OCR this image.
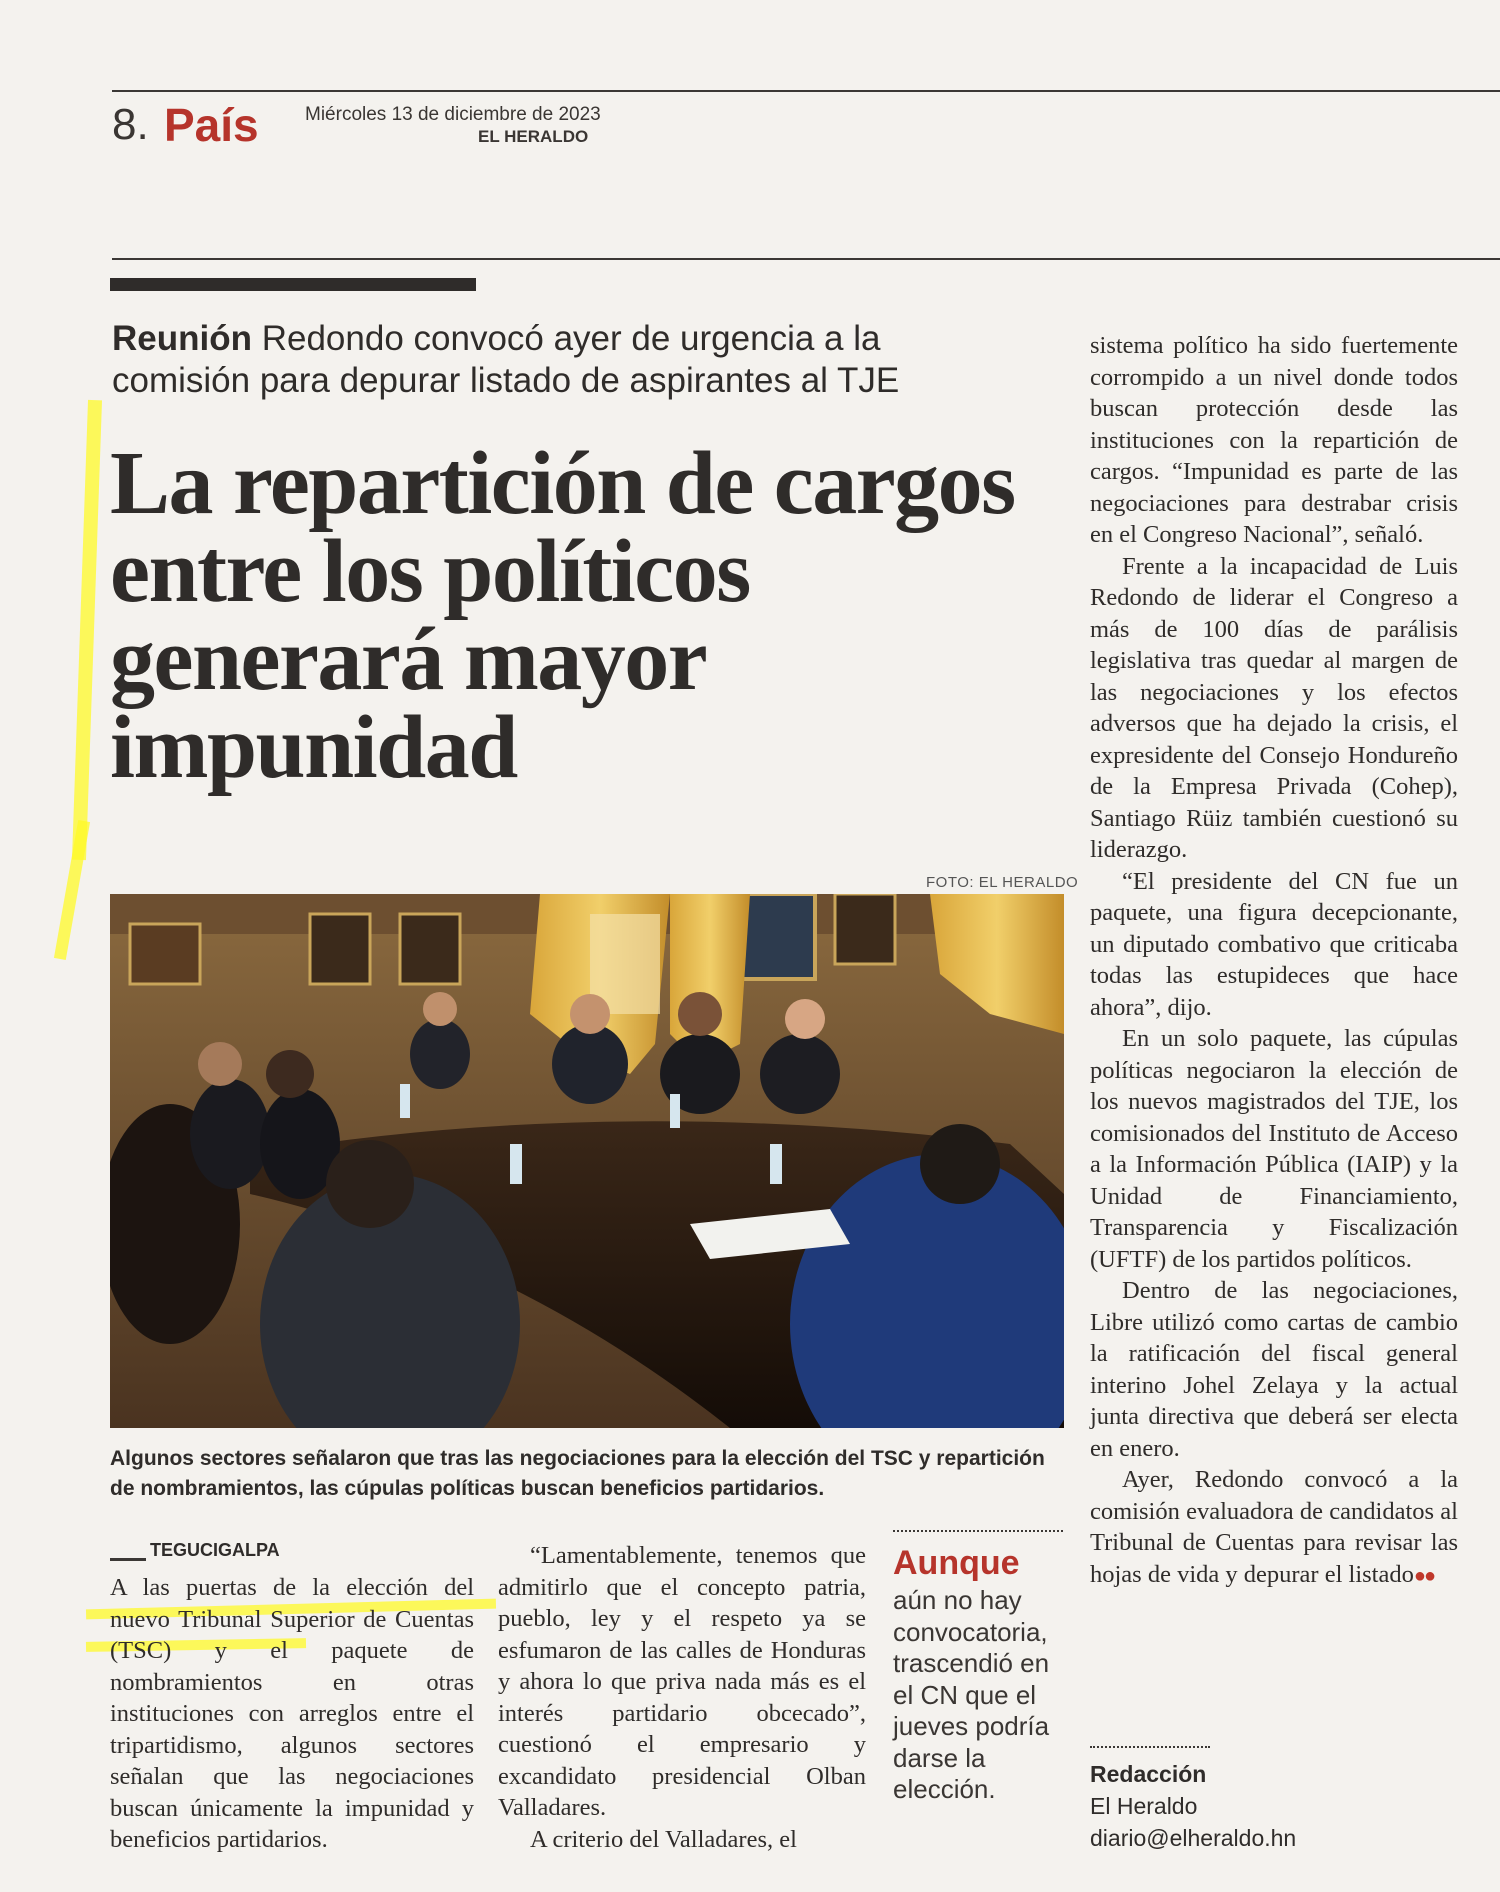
8. País Miércoles 13 de diciembre de 2023
EL HERALDO
Reunión Redondo convocó ayer de urgencia a la comisión para depurar listado de aspirantes al TJE
La repartición de cargos entre los políticos generará mayor impunidad
FOTO: EL HERALDO
Algunos sectores señalaron que tras las negociaciones para la elección del TSC y repartición de nombramientos, las cúpulas políticas buscan beneficios partidarios.
TEGUCIGALPA

A las puertas de la elección del nuevo Tribunal Superior de Cuentas (TSC) y el paquete de nombramientos en otras instituciones con arreglos entre el tripartidismo, algunos sectores señalan que las negociaciones buscan únicamente la impunidad y beneficios partidarios.

“Lamentablemente, tenemos que admitirlo que el concepto patria, pueblo, ley y el respeto ya se esfumaron de las calles de Honduras y ahora lo que priva nada más es el interés partidario obcecado”, cuestionó el empresario y excandidato presidencial Olban Valladares.

A criterio del Valladares, el

Aunque
aún no hay convocatoria, trascendió en el CN que el jueves podría darse la elección.

sistema político ha sido fuertemente corrompido a un nivel donde todos buscan protección desde las instituciones con la repartición de cargos. “Impunidad es parte de las negociaciones para destrabar crisis en el Congreso Nacional”, señaló.

Frente a la incapacidad de Luis Redondo de liderar el Congreso a más de 100 días de parálisis legislativa tras quedar al margen de las negociaciones y los efectos adversos que ha dejado la crisis, el expresidente del Consejo Hondureño de la Empresa Privada (Cohep), Santiago Rüiz también cuestionó su liderazgo.

“El presidente del CN fue un paquete, una figura decepcionante, un diputado combativo que criticaba todas las estupideces que hace ahora”, dijo.

En un solo paquete, las cúpulas políticas negociaron la elección de los nuevos magistrados del TJE, los comisionados del Instituto de Acceso a la Información Pública (IAIP) y la Unidad de Financiamiento, Transparencia y Fiscalización (UFTF) de los partidos políticos.

Dentro de las negociaciones, Libre utilizó como cartas de cambio la ratificación del fiscal general interino Johel Zelaya y la actual junta directiva que deberá ser electa en enero.

Ayer, Redondo convocó a la comisión evaluadora de candidatos al Tribunal de Cuentas para revisar las hojas de vida y depurar el listado●●

Redacción
El Heraldo
diario@elheraldo.hn
